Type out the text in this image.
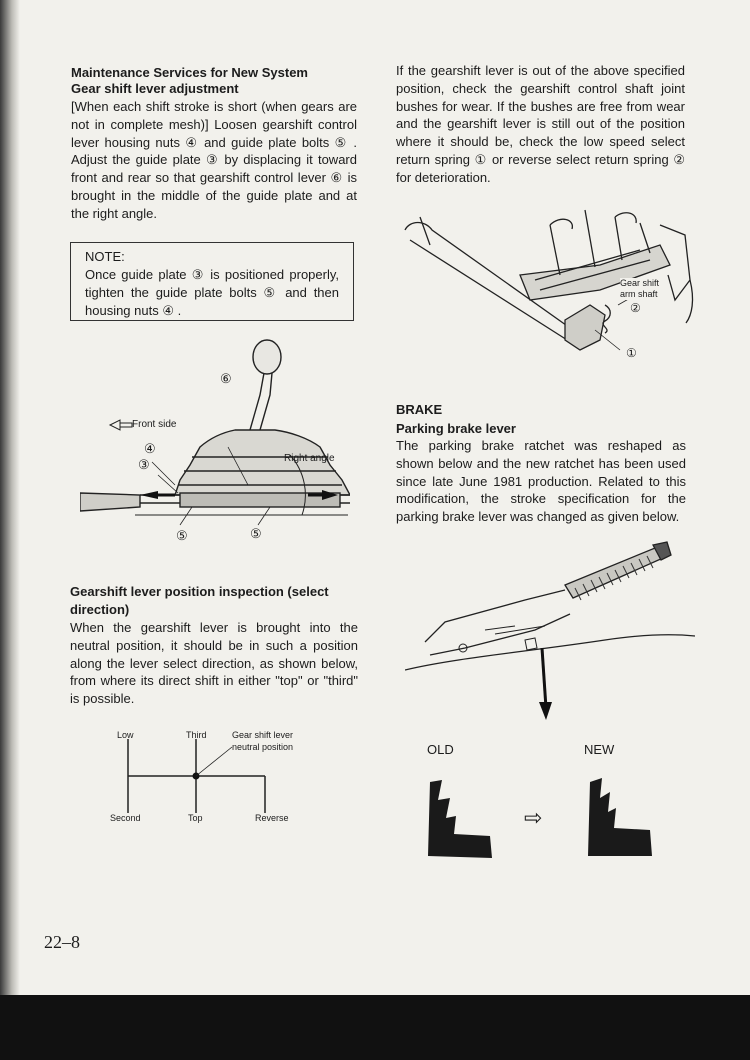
Maintenance Services for New System

Gear shift lever adjustment

[When each shift stroke is short (when gears are not in complete mesh)] Loosen gearshift control lever housing nuts ④ and guide plate bolts ⑤ . Adjust the guide plate ③ by displacing it toward front and rear so that gearshift control lever ⑥ is brought in the middle of the guide plate and at the right angle.

NOTE:
Once guide plate ③ is positioned properly, tighten the guide plate bolts ⑤ and then housing nuts ④ .
Front side
Right angle
⑥
④
③
⑤	⑤

Gearshift lever position inspection (select direction)

When the gearshift lever is brought into the neutral position, it should be in such a position along the lever select direction, as shown below, from where its direct shift in either "top" or "third" is possible.

Low	Third	Gear shift lever
neutral position
Second	Top	Reverse

If the gearshift lever is out of the above specified position, check the gearshift control shaft joint bushes for wear. If the bushes are free from wear and the gearshift lever is still out of the position where it should be, check the low speed select return spring ① or reverse select return spring ② for deterioration.

Gear shift
arm shaft
②
①

BRAKE

Parking brake lever

The parking brake ratchet was reshaped as shown below and the new ratchet has been used since late June 1981 production. Related to this modification, the stroke specification for the parking brake lever was changed as given below.

OLD	NEW
⇨
22–8
